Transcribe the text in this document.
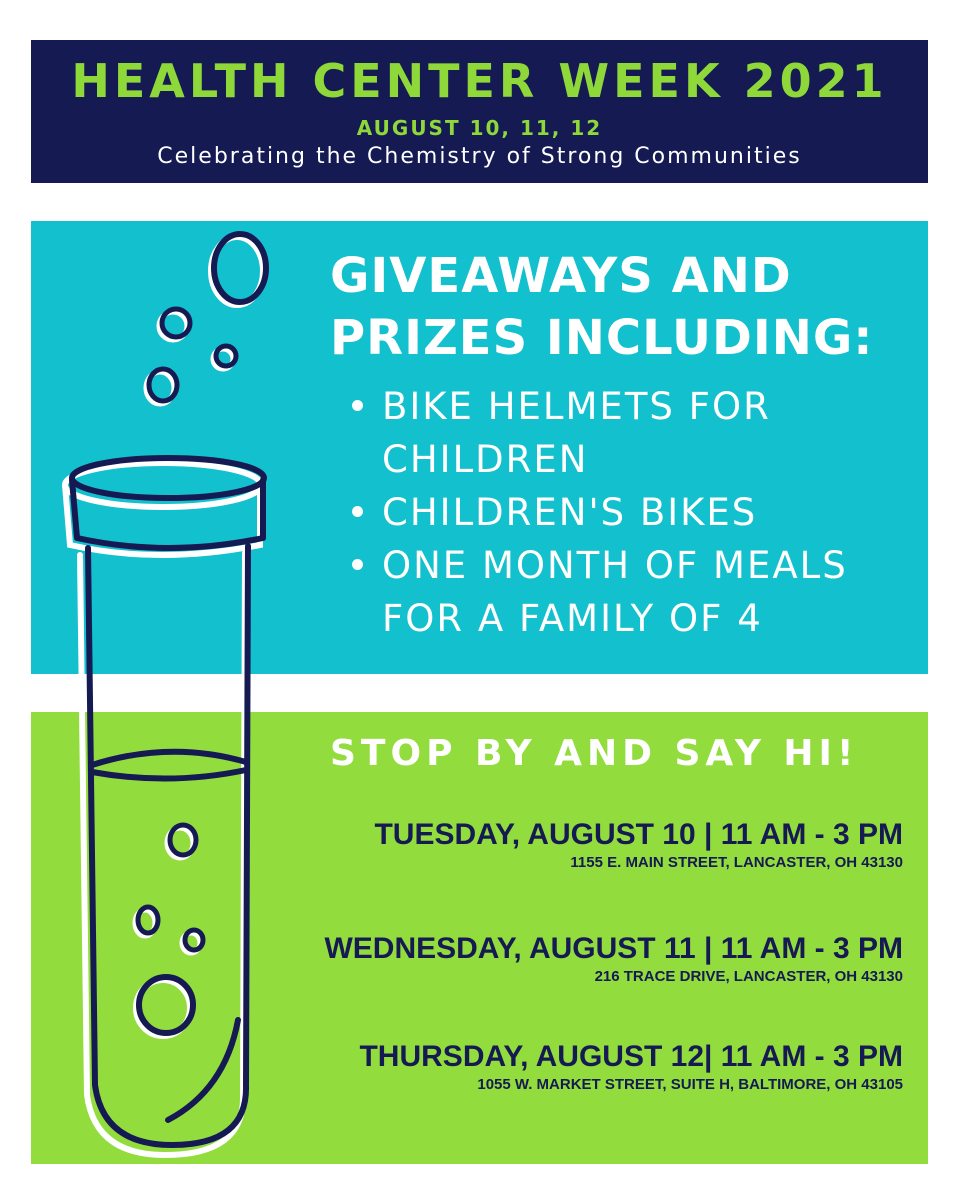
HEALTH CENTER WEEK 2021
AUGUST 10, 11, 12
Celebrating the Chemistry of Strong Communities
GIVEAWAYS AND
PRIZES INCLUDING:
BIKE HELMETS FOR
CHILDREN
CHILDREN'S BIKES
ONE MONTH OF MEALS
FOR A FAMILY OF 4
STOP BY AND SAY HI!
TUESDAY, AUGUST 10 | 11 AM - 3 PM
1155 E. MAIN STREET, LANCASTER, OH 43130
WEDNESDAY, AUGUST 11 | 11 AM - 3 PM
216 TRACE DRIVE, LANCASTER, OH 43130
THURSDAY, AUGUST 12| 11 AM - 3 PM
1055 W. MARKET STREET, SUITE H, BALTIMORE, OH 43105
